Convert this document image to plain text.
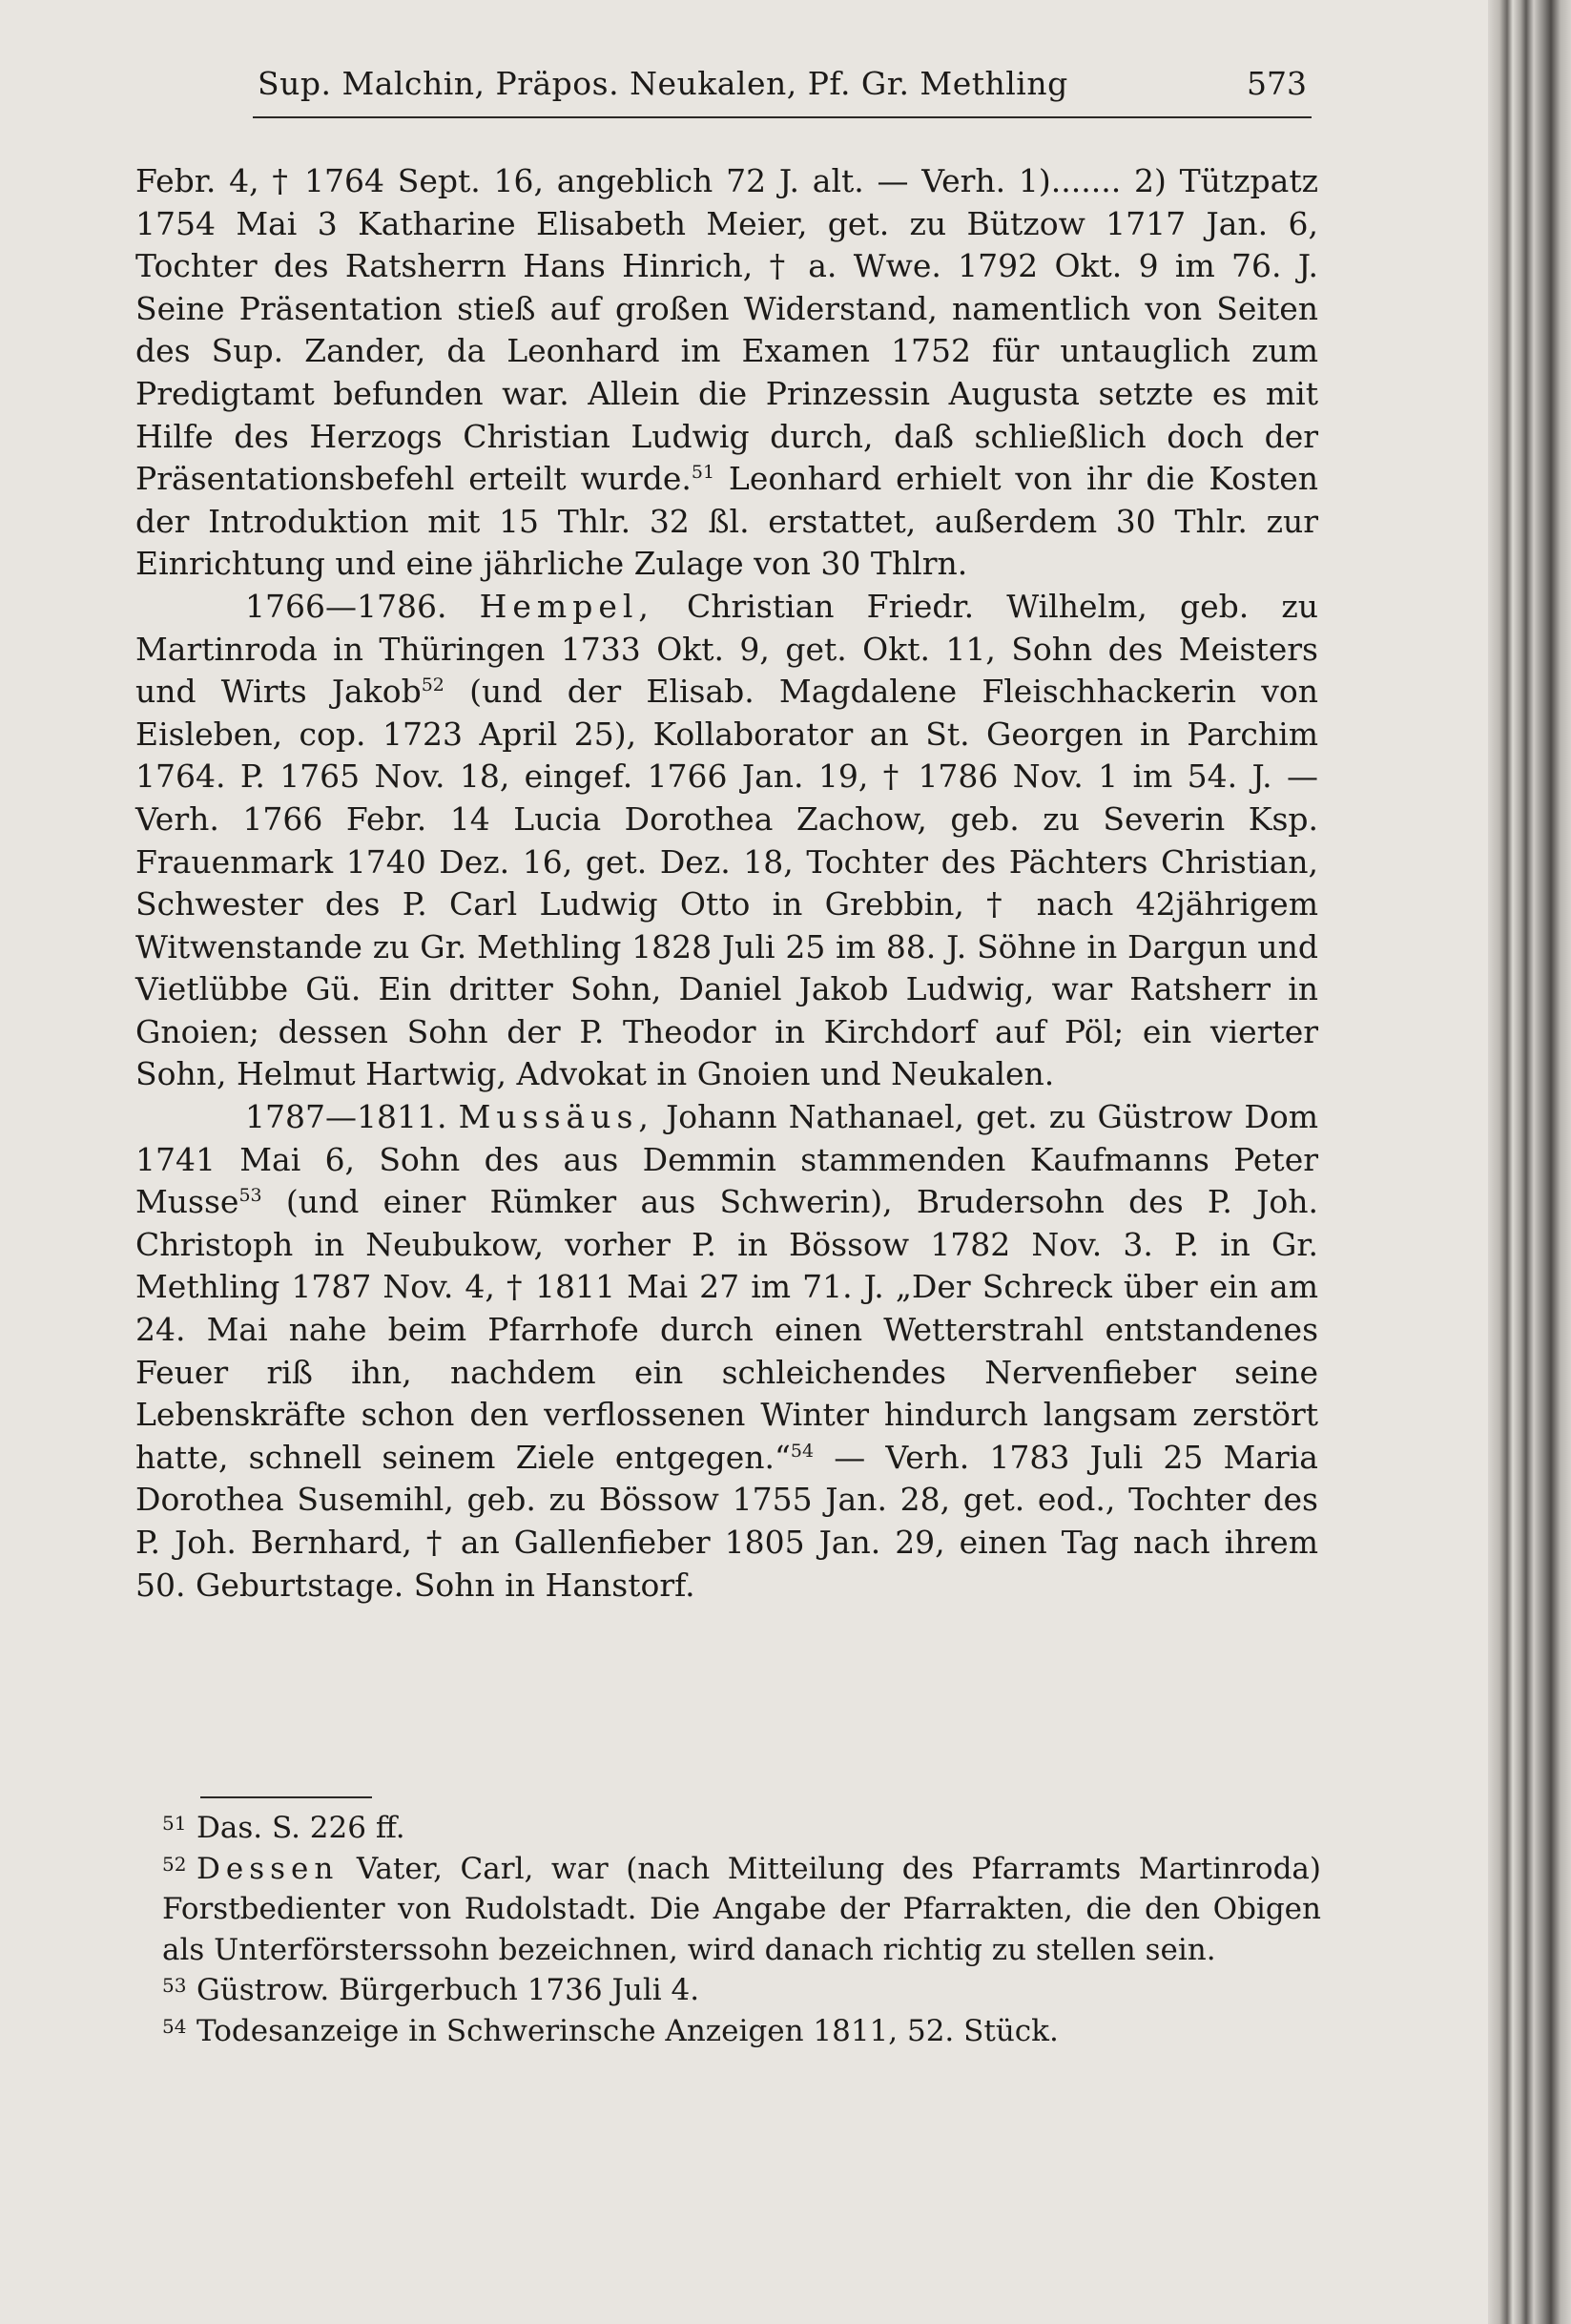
Sup. Malchin, Präpos. Neukalen, Pf. Gr. Methling	573

Febr. 4, † 1764 Sept. 16, angeblich 72 J. alt. — Verh. 1)....... 2) Tützpatz 1754 Mai 3 Katharine Elisabeth Meier, get. zu Bützow 1717 Jan. 6, Tochter des Ratsherrn Hans Hinrich, † a. Wwe. 1792 Okt. 9 im 76. J. Seine Präsentation stieß auf großen Widerstand, namentlich von Seiten des Sup. Zander, da Leonhard im Examen 1752 für untauglich zum Predigtamt befunden war. Allein die Prinzessin Augusta setzte es mit Hilfe des Herzogs Christian Ludwig durch, daß schließlich doch der Präsentationsbefehl erteilt wurde.$^{51}$ Leonhard erhielt von ihr die Kosten der Introduktion mit 15 Thlr. 32 ßl. erstattet, außerdem 30 Thlr. zur Einrichtung und eine jährliche Zulage von 30 Thlrn.

1766—1786. Hempel, Christian Friedr. Wilhelm, geb. zu Martinroda in Thüringen 1733 Okt. 9, get. Okt. 11, Sohn des Meisters und Wirts Jakob$^{52}$ (und der Elisab. Magdalene Fleischhackerin von Eisleben, cop. 1723 April 25), Kollaborator an St. Georgen in Parchim 1764. P. 1765 Nov. 18, eingef. 1766 Jan. 19, † 1786 Nov. 1 im 54. J. — Verh. 1766 Febr. 14 Lucia Dorothea Zachow, geb. zu Severin Ksp. Frauenmark 1740 Dez. 16, get. Dez. 18, Tochter des Pächters Christian, Schwester des P. Carl Ludwig Otto in Grebbin, † nach 42jährigem Witwenstande zu Gr. Methling 1828 Juli 25 im 88. J. Söhne in Dargun und Vietlübbe Gü. Ein dritter Sohn, Daniel Jakob Ludwig, war Ratsherr in Gnoien; dessen Sohn der P. Theodor in Kirchdorf auf Pöl; ein vierter Sohn, Helmut Hartwig, Advokat in Gnoien und Neukalen.

1787—1811. Mussäus, Johann Nathanael, get. zu Güstrow Dom 1741 Mai 6, Sohn des aus Demmin stammenden Kaufmanns Peter Musse$^{53}$ (und einer Rümker aus Schwerin), Brudersohn des P. Joh. Christoph in Neubukow, vorher P. in Bössow 1782 Nov. 3. P. in Gr. Methling 1787 Nov. 4, † 1811 Mai 27 im 71. J. „Der Schreck über ein am 24. Mai nahe beim Pfarrhofe durch einen Wetterstrahl entstandenes Feuer riß ihn, nachdem ein schleichendes Nervenfieber seine Lebenskräfte schon den verflossenen Winter hindurch langsam zerstört hatte, schnell seinem Ziele entgegen.“$^{54}$ — Verh. 1783 Juli 25 Maria Dorothea Susemihl, geb. zu Bössow 1755 Jan. 28, get. eod., Tochter des P. Joh. Bernhard, † an Gallenfieber 1805 Jan. 29, einen Tag nach ihrem 50. Geburtstage. Sohn in Hanstorf.

51 Das. S. 226 ff.

52 Dessen Vater, Carl, war (nach Mitteilung des Pfarramts Martinroda) Forstbedienter von Rudolstadt. Die Angabe der Pfarrakten, die den Obigen als Unterförsterssohn bezeichnen, wird danach richtig zu stellen sein.

53 Güstrow. Bürgerbuch 1736 Juli 4.

54 Todesanzeige in Schwerinsche Anzeigen 1811, 52. Stück.
